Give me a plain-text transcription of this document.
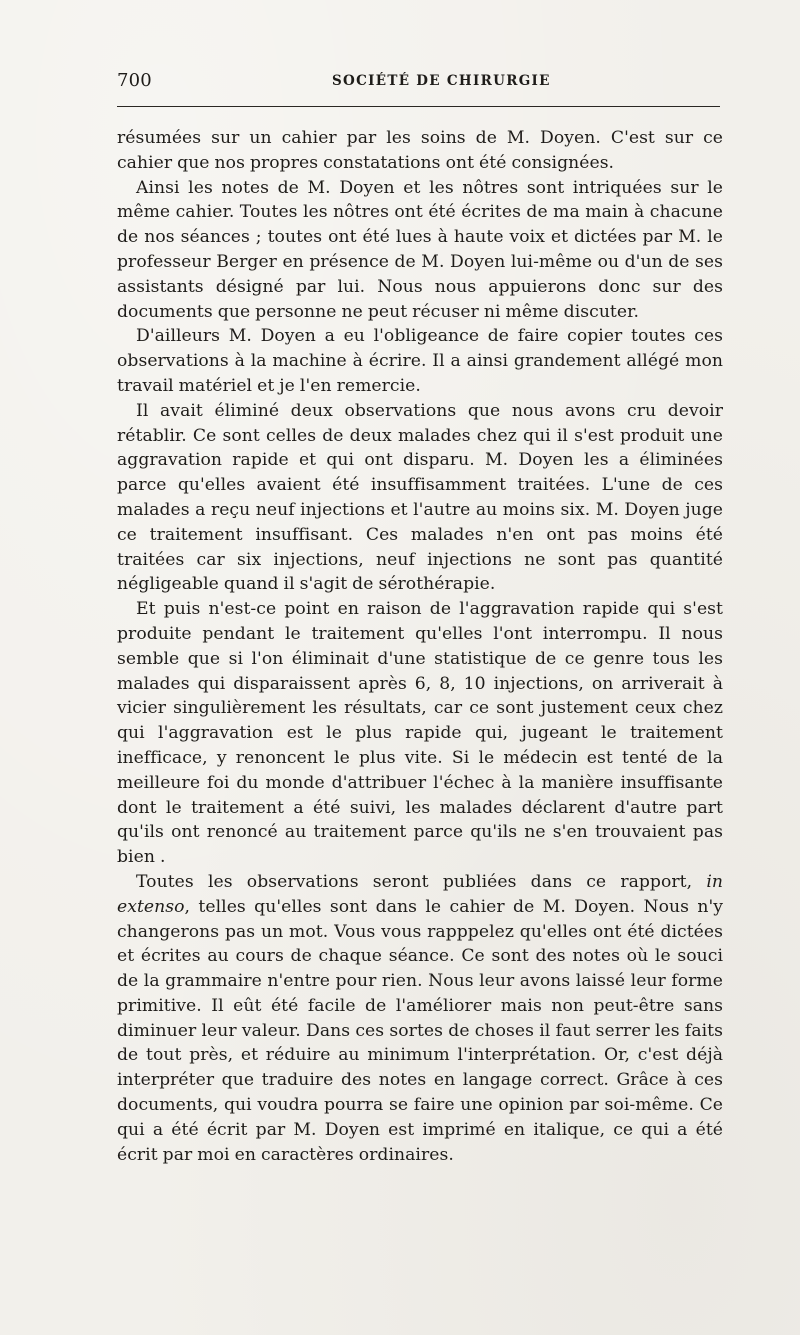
700	SOCIÉTÉ DE CHIRURGIE

résumées sur un cahier par les soins de M. Doyen. C'est sur ce cahier que nos propres constatations ont été consignées.

Ainsi les notes de M. Doyen et les nôtres sont intriquées sur le même cahier. Toutes les nôtres ont été écrites de ma main à chacune de nos séances ; toutes ont été lues à haute voix et dictées par M. le professeur Berger en présence de M. Doyen lui-même ou d'un de ses assistants désigné par lui. Nous nous appuierons donc sur des documents que personne ne peut récuser ni même discuter.

D'ailleurs M. Doyen a eu l'obligeance de faire copier toutes ces observations à la machine à écrire. Il a ainsi grandement allégé mon travail matériel et je l'en remercie.

Il avait éliminé deux observations que nous avons cru devoir rétablir. Ce sont celles de deux malades chez qui il s'est produit une aggravation rapide et qui ont disparu. M. Doyen les a éliminées parce qu'elles avaient été insuffisamment traitées. L'une de ces malades a reçu neuf injections et l'autre au moins six. M. Doyen juge ce traitement insuffisant. Ces malades n'en ont pas moins été traitées car six injections, neuf injections ne sont pas quantité négligeable quand il s'agit de sérothérapie.

Et puis n'est-ce point en raison de l'aggravation rapide qui s'est produite pendant le traitement qu'elles l'ont interrompu. Il nous semble que si l'on éliminait d'une statistique de ce genre tous les malades qui disparaissent après 6, 8, 10 injections, on arriverait à vicier singulièrement les résultats, car ce sont justement ceux chez qui l'aggravation est le plus rapide qui, jugeant le traitement inefficace, y renoncent le plus vite. Si le médecin est tenté de la meilleure foi du monde d'attribuer l'échec à la manière insuffisante dont le traitement a été suivi, les malades déclarent d'autre part qu'ils ont renoncé au traitement parce qu'ils ne s'en trouvaient pas bien .

Toutes les observations seront publiées dans ce rapport, in extenso, telles qu'elles sont dans le cahier de M. Doyen. Nous n'y changerons pas un mot. Vous vous rapppelez qu'elles ont été dictées et écrites au cours de chaque séance. Ce sont des notes où le souci de la grammaire n'entre pour rien. Nous leur avons laissé leur forme primitive. Il eût été facile de l'améliorer mais non peut-être sans diminuer leur valeur. Dans ces sortes de choses il faut serrer les faits de tout près, et réduire au minimum l'interprétation. Or, c'est déjà interpréter que traduire des notes en langage correct. Grâce à ces documents, qui voudra pourra se faire une opinion par soi-même. Ce qui a été écrit par M. Doyen est imprimé en italique, ce qui a été écrit par moi en caractères ordinaires.
